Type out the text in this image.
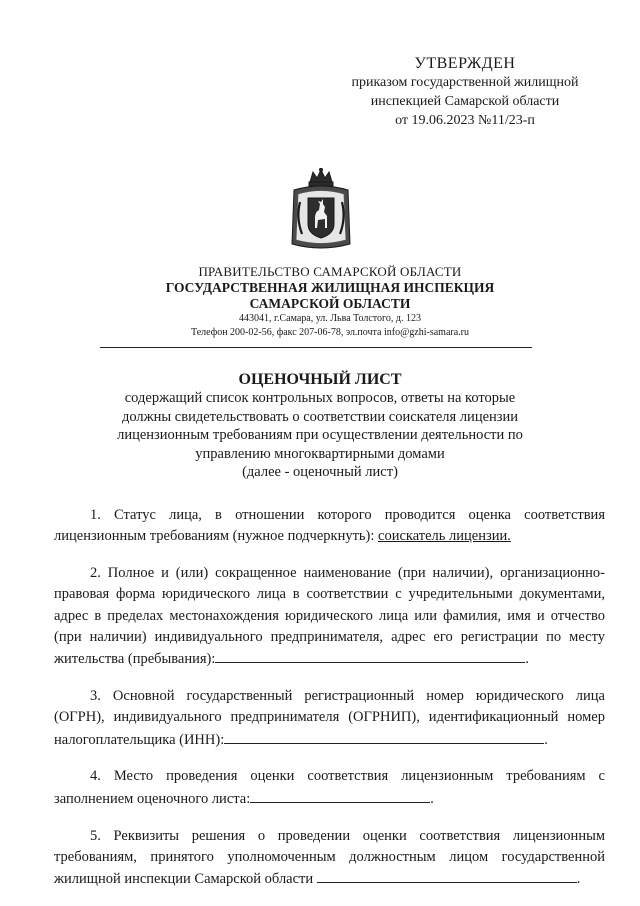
УТВЕРЖДЕН
приказом государственной жилищной
инспекцией Самарской области
от 19.06.2023 №11/23-п
ПРАВИТЕЛЬСТВО САМАРСКОЙ ОБЛАСТИ
ГОСУДАРСТВЕННАЯ ЖИЛИЩНАЯ ИНСПЕКЦИЯ
САМАРСКОЙ ОБЛАСТИ
443041, г.Самара, ул. Льва Толстого, д. 123
Телефон 200-02-56, факс 207-06-78, эл.почта info@gzhi-samara.ru
ОЦЕНОЧНЫЙ ЛИСТ
содержащий список контрольных вопросов, ответы на которые
должны свидетельствовать о соответствии соискателя лицензии
лицензионным требованиям при осуществлении деятельности по
управлению многоквартирными домами
(далее - оценочный лист)

1. Статус лица, в отношении которого проводится оценка соответствия лицензионным требованиям (нужное подчеркнуть): соискатель лицензии.

2. Полное и (или) сокращенное наименование (при наличии), организационно-правовая форма юридического лица в соответствии с учредительными документами, адрес в пределах местонахождения юридического лица или фамилия, имя и отчество (при наличии) индивидуального предпринимателя, адрес его регистрации по месту жительства (пребывания):	.

3. Основной государственный регистрационный номер юридического лица (ОГРН), индивидуального предпринимателя (ОГРНИП), идентификационный номер налогоплательщика (ИНН):	.

4. Место проведения оценки соответствия лицензионным требованиям с заполнением оценочного листа:	.

5. Реквизиты решения о проведении оценки соответствия лицензионным требованиям, принятого уполномоченным должностным лицом государственной жилищной инспекции Самарской области	.
